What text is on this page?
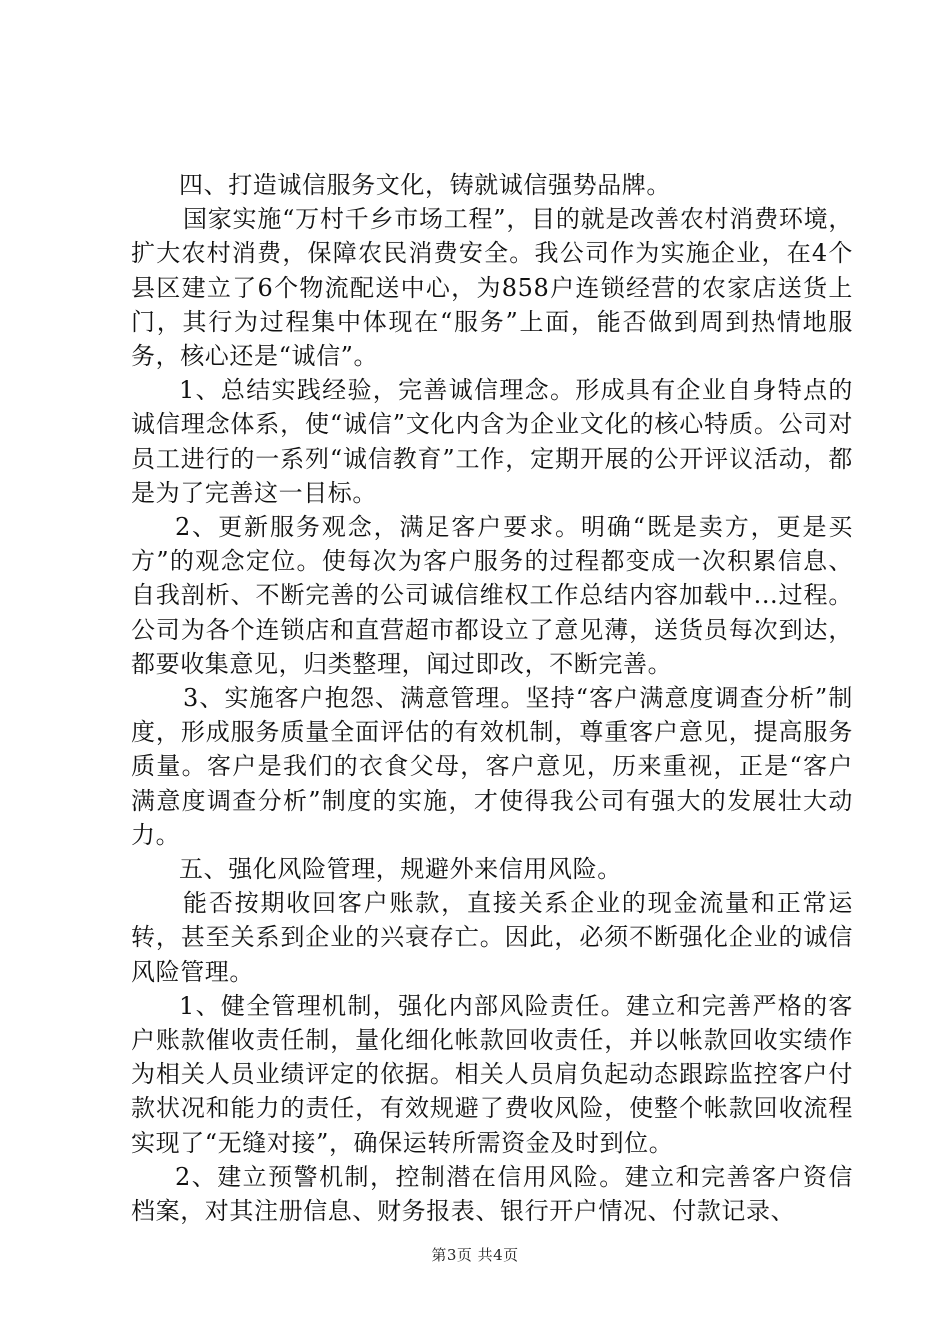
四、打造诚信服务文化，铸就诚信强势品牌。

国家实施“万村千乡市场工程”，目的就是改善农村消费环境，扩大农村消费，保障农民消费安全。我公司作为实施企业，在4个县区建立了6个物流配送中心，为858户连锁经营的农家店送货上门，其行为过程集中体现在“服务”上面，能否做到周到热情地服务，核心还是“诚信”。

1、总结实践经验，完善诚信理念。形成具有企业自身特点的诚信理念体系，使“诚信”文化内含为企业文化的核心特质。公司对员工进行的一系列“诚信教育”工作，定期开展的公开评议活动，都是为了完善这一目标。

2、更新服务观念，满足客户要求。明确“既是卖方，更是买方”的观念定位。使每次为客户服务的过程都变成一次积累信息、自我剖析、不断完善的公司诚信维权工作总结内容加载中...过程。公司为各个连锁店和直营超市都设立了意见薄，送货员每次到达，都要收集意见，归类整理，闻过即改，不断完善。

3、实施客户抱怨、满意管理。坚持“客户满意度调查分析”制度，形成服务质量全面评估的有效机制，尊重客户意见，提高服务质量。客户是我们的衣食父母，客户意见，历来重视，正是“客户满意度调查分析”制度的实施，才使得我公司有强大的发展壮大动力。

五、强化风险管理，规避外来信用风险。

能否按期收回客户账款，直接关系企业的现金流量和正常运转，甚至关系到企业的兴衰存亡。因此，必须不断强化企业的诚信风险管理。

1、健全管理机制，强化内部风险责任。建立和完善严格的客户账款催收责任制，量化细化帐款回收责任，并以帐款回收实绩作为相关人员业绩评定的依据。相关人员肩负起动态跟踪监控客户付款状况和能力的责任，有效规避了费收风险，使整个帐款回收流程实现了“无缝对接”，确保运转所需资金及时到位。

2、建立预警机制，控制潜在信用风险。建立和完善客户资信档案，对其注册信息、财务报表、银行开户情况、付款记录、

第3页 共4页
